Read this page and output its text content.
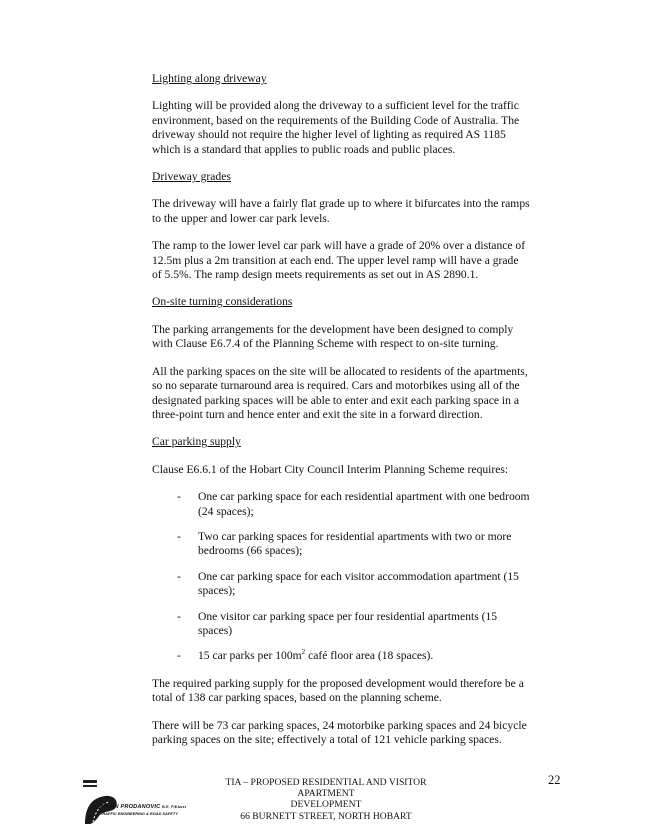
Lighting along driveway

Lighting will be provided along the driveway to a sufficient level for the traffic environment, based on the requirements of the Building Code of Australia. The driveway should not require the higher level of lighting as required AS 1185 which is a standard that applies to public roads and public places.

Driveway grades

The driveway will have a fairly flat grade up to where it bifurcates into the ramps to the upper and lower car park levels.

The ramp to the lower level car park will have a grade of 20% over a distance of 12.5m plus a 2m transition at each end. The upper level ramp will have a grade of 5.5%. The ramp design meets requirements as set out in AS 2890.1.

On-site turning considerations

The parking arrangements for the development have been designed to comply with Clause E6.7.4 of the Planning Scheme with respect to on-site turning.

All the parking spaces on the site will be allocated to residents of the apartments, so no separate turnaround area is required. Cars and motorbikes using all of the designated parking spaces will be able to enter and exit each parking space in a three-point turn and hence enter and exit the site in a forward direction.

Car parking supply

Clause E6.6.1 of the Hobart City Council Interim Planning Scheme requires:

- One car parking space for each residential apartment with one bedroom (24 spaces);
- Two car parking spaces for residential apartments with two or more bedrooms (66 spaces);
- One car parking space for each visitor accommodation apartment (15 spaces);
- One visitor car parking space per four residential apartments (15 spaces)
- 15 car parks per $100m^2$ café floor area (18 spaces).

The required parking supply for the proposed development would therefore be a total of 138 car parking spaces, based on the planning scheme.

There will be 73 car parking spaces, 24 motorbike parking spaces and 24 bicycle parking spaces on the site; effectively a total of 121 vehicle parking spaces.

MILAN PRODANOVIC B.E. FIEAust
TRAFFIC ENGINEERING & ROAD SAFETY
TIA – PROPOSED RESIDENTIAL AND VISITOR APARTMENT
DEVELOPMENT
66 BURNETT STREET, NORTH HOBART
22
